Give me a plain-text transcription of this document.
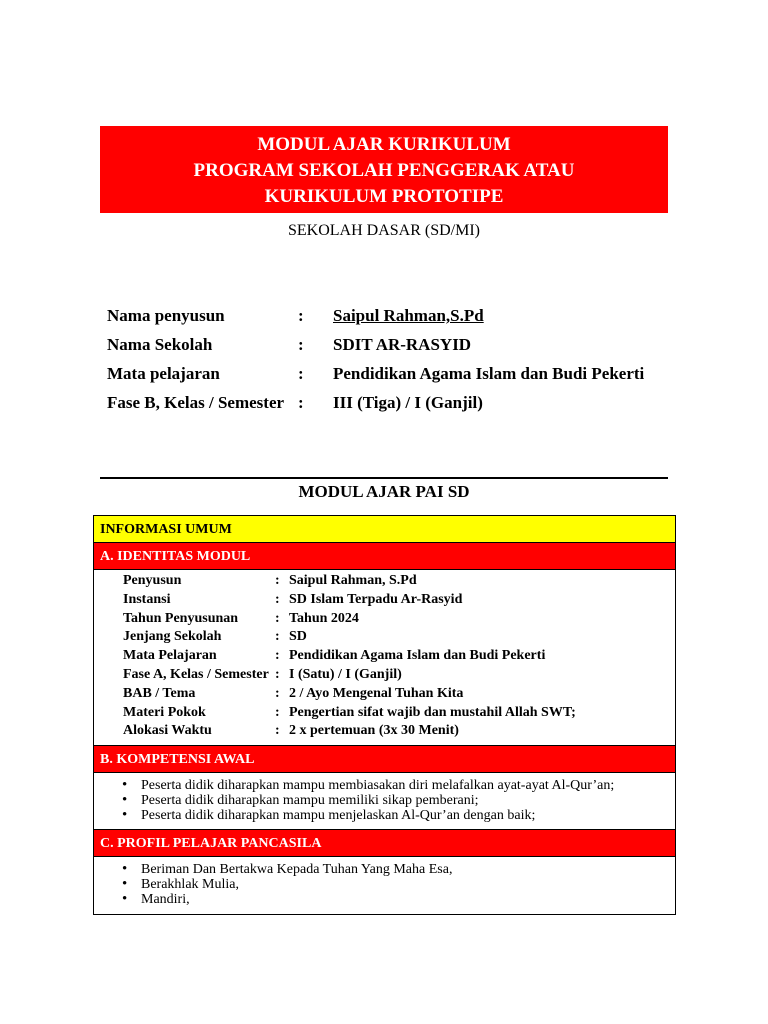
MODUL AJAR KURIKULUM
PROGRAM SEKOLAH PENGGERAK ATAU
KURIKULUM PROTOTIPE
SEKOLAH DASAR (SD/MI)
Nama penyusun	: Saipul Rahman,S.Pd
Nama Sekolah	: SDIT AR-RASYID
Mata pelajaran	: Pendidikan Agama Islam dan Budi Pekerti
Fase B, Kelas / Semester : III (Tiga) / I (Ganjil)
MODUL AJAR PAI SD
INFORMASI UMUM
A. IDENTITAS MODUL
Penyusun	: Saipul Rahman, S.Pd
Instansi	: SD Islam Terpadu Ar-Rasyid
Tahun Penyusunan	: Tahun 2024
Jenjang Sekolah	: SD
Mata Pelajaran	: Pendidikan Agama Islam dan Budi Pekerti
Fase A, Kelas / Semester : I (Satu) / I (Ganjil)
BAB / Tema	: 2 / Ayo Mengenal Tuhan Kita
Materi Pokok	: Pengertian sifat wajib dan mustahil Allah SWT;
Alokasi Waktu	: 2 x pertemuan (3x 30 Menit)
B. KOMPETENSI AWAL
• Peserta didik diharapkan mampu membiasakan diri melafalkan ayat-ayat Al-Qur’an;
• Peserta didik diharapkan mampu memiliki sikap pemberani;
• Peserta didik diharapkan mampu menjelaskan Al-Qur’an dengan baik;
C. PROFIL PELAJAR PANCASILA
• Beriman Dan Bertakwa Kepada Tuhan Yang Maha Esa,
• Berakhlak Mulia,
• Mandiri,
